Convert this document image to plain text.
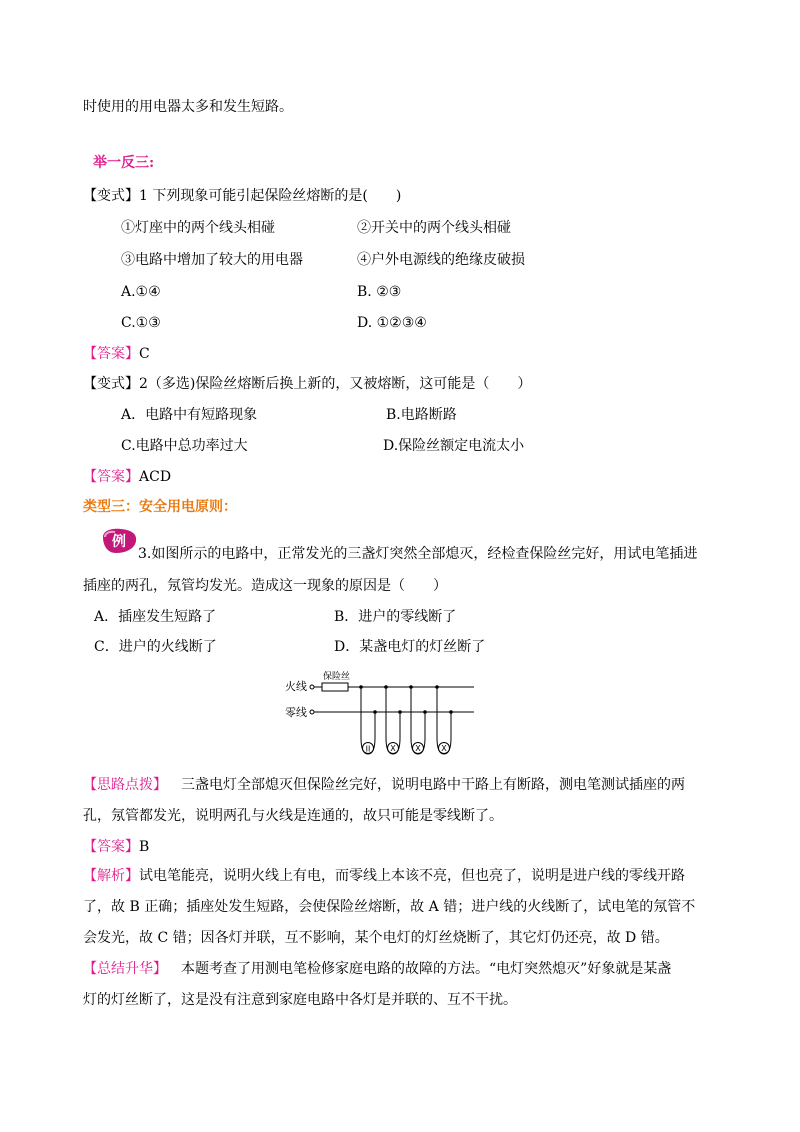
时使用的用电器太多和发生短路。
举一反三:
【变式】1 下列现象可能引起保险丝熔断的是(　　)
①灯座中的两个线头相碰	②开关中的两个线头相碰
③电路中增加了较大的用电器	④户外电源线的绝缘皮破损
A.①④	B. ②③
C.①③	D. ①②③④
【答案】C
【变式】2（多选)保险丝熔断后换上新的，又被熔断，这可能是（　　）
A．电路中有短路现象	B.电路断路
C.电路中总功率过大	D.保险丝额定电流太小
【答案】ACD
类型三：安全用电原则：
例
3.如图所示的电路中，正常发光的三盏灯突然全部熄灭，经检查保险丝完好，用试电笔插进
插座的两孔，氖管均发光。造成这一现象的原因是（　　）
A．插座发生短路了	B．进户的零线断了
C．进户的火线断了	D．某盏电灯的灯丝断了
火线
零线
保险丝
II X X	X
【思路点拨】 三盏电灯全部熄灭但保险丝完好，说明电路中干路上有断路，测电笔测试插座的两
孔，氖管都发光，说明两孔与火线是连通的，故只可能是零线断了。
【答案】B
【解析】试电笔能亮，说明火线上有电，而零线上本该不亮，但也亮了，说明是进户线的零线开路
了，故 B 正确；插座处发生短路，会使保险丝熔断，故 A 错；进户线的火线断了，试电笔的氖管不
会发光，故 C 错；因各灯并联，互不影响，某个电灯的灯丝烧断了，其它灯仍还亮，故 D 错。
【总结升华】 本题考查了用测电笔检修家庭电路的故障的方法。“电灯突然熄灭”好象就是某盏
灯的灯丝断了，这是没有注意到家庭电路中各灯是并联的、互不干扰。
